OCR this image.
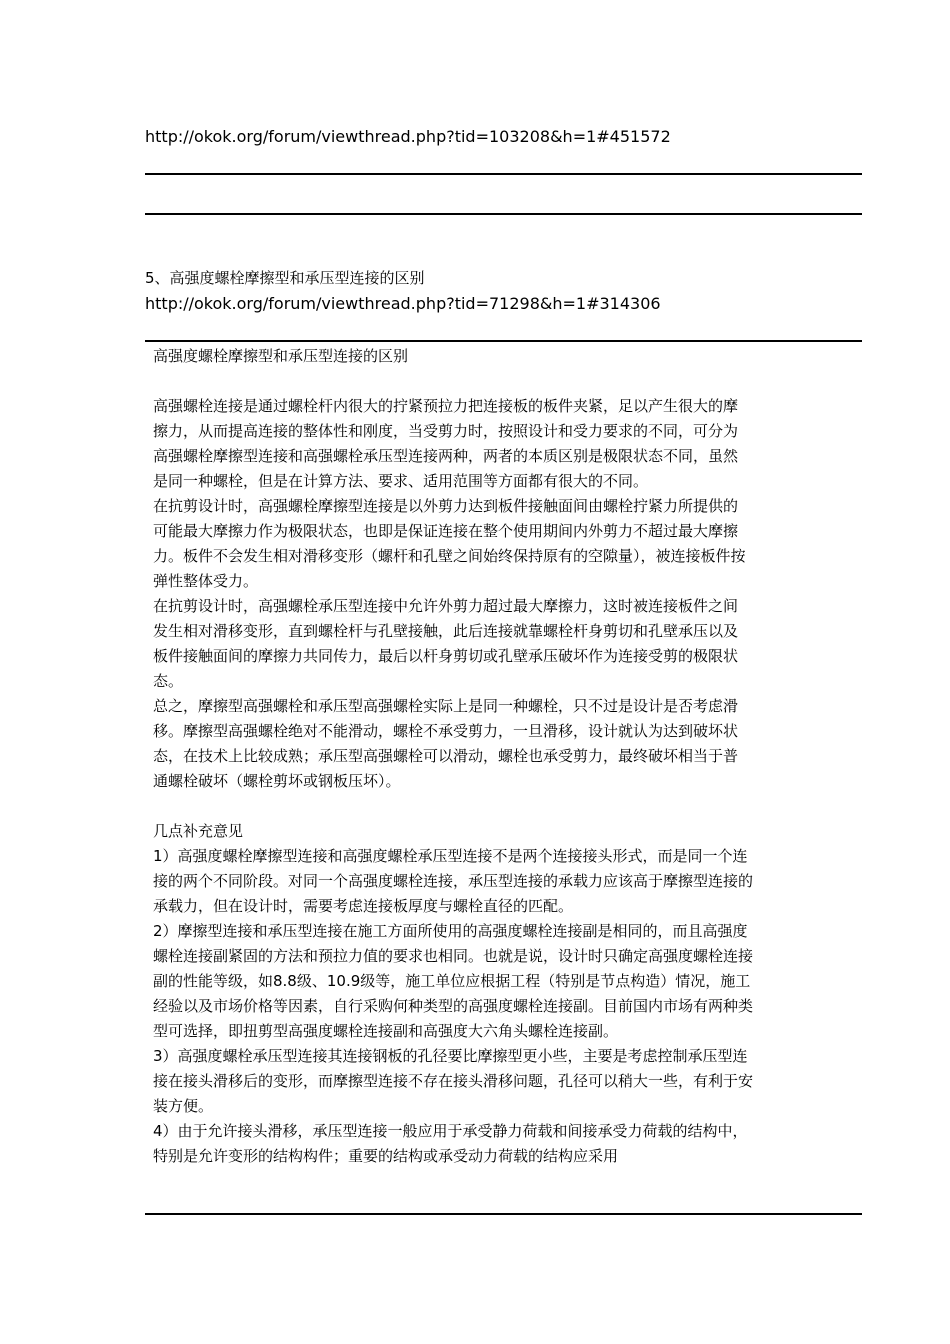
http://okok.org/forum/viewthread.php?tid=103208&h=1#451572
5、高强度螺栓摩擦型和承压型连接的区别
http://okok.org/forum/viewthread.php?tid=71298&h=1#314306
高强度螺栓摩擦型和承压型连接的区别

高强螺栓连接是通过螺栓杆内很大的拧紧预拉力把连接板的板件夹紧，足以产生很大的摩擦力，从而提高连接的整体性和刚度，当受剪力时，按照设计和受力要求的不同，可分为高强螺栓摩擦型连接和高强螺栓承压型连接两种，两者的本质区别是极限状态不同，虽然是同一种螺栓，但是在计算方法、要求、适用范围等方面都有很大的不同。

在抗剪设计时，高强螺栓摩擦型连接是以外剪力达到板件接触面间由螺栓拧紧力所提供的可能最大摩擦力作为极限状态，也即是保证连接在整个使用期间内外剪力不超过最大摩擦力。板件不会发生相对滑移变形（螺杆和孔壁之间始终保持原有的空隙量），被连接板件按弹性整体受力。

在抗剪设计时，高强螺栓承压型连接中允许外剪力超过最大摩擦力，这时被连接板件之间发生相对滑移变形，直到螺栓杆与孔壁接触，此后连接就靠螺栓杆身剪切和孔壁承压以及板件接触面间的摩擦力共同传力，最后以杆身剪切或孔壁承压破坏作为连接受剪的极限状态。

总之，摩擦型高强螺栓和承压型高强螺栓实际上是同一种螺栓，只不过是设计是否考虑滑移。摩擦型高强螺栓绝对不能滑动，螺栓不承受剪力，一旦滑移，设计就认为达到破坏状态，在技术上比较成熟；承压型高强螺栓可以滑动，螺栓也承受剪力，最终破坏相当于普通螺栓破坏（螺栓剪坏或钢板压坏）。

几点补充意见

1）高强度螺栓摩擦型连接和高强度螺栓承压型连接不是两个连接接头形式，而是同一个连接的两个不同阶段。对同一个高强度螺栓连接，承压型连接的承载力应该高于摩擦型连接的承载力，但在设计时，需要考虑连接板厚度与螺栓直径的匹配。

2）摩擦型连接和承压型连接在施工方面所使用的高强度螺栓连接副是相同的，而且高强度螺栓连接副紧固的方法和预拉力值的要求也相同。也就是说，设计时只确定高强度螺栓连接副的性能等级，如8.8级、10.9级等，施工单位应根据工程（特别是节点构造）情况，施工经验以及市场价格等因素，自行采购何种类型的高强度螺栓连接副。目前国内市场有两种类型可选择，即扭剪型高强度螺栓连接副和高强度大六角头螺栓连接副。

3）高强度螺栓承压型连接其连接钢板的孔径要比摩擦型更小些，主要是考虑控制承压型连接在接头滑移后的变形，而摩擦型连接不存在接头滑移问题，孔径可以稍大一些，有利于安装方便。

4）由于允许接头滑移，承压型连接一般应用于承受静力荷载和间接承受力荷载的结构中，特别是允许变形的结构构件；重要的结构或承受动力荷载的结构应采用
